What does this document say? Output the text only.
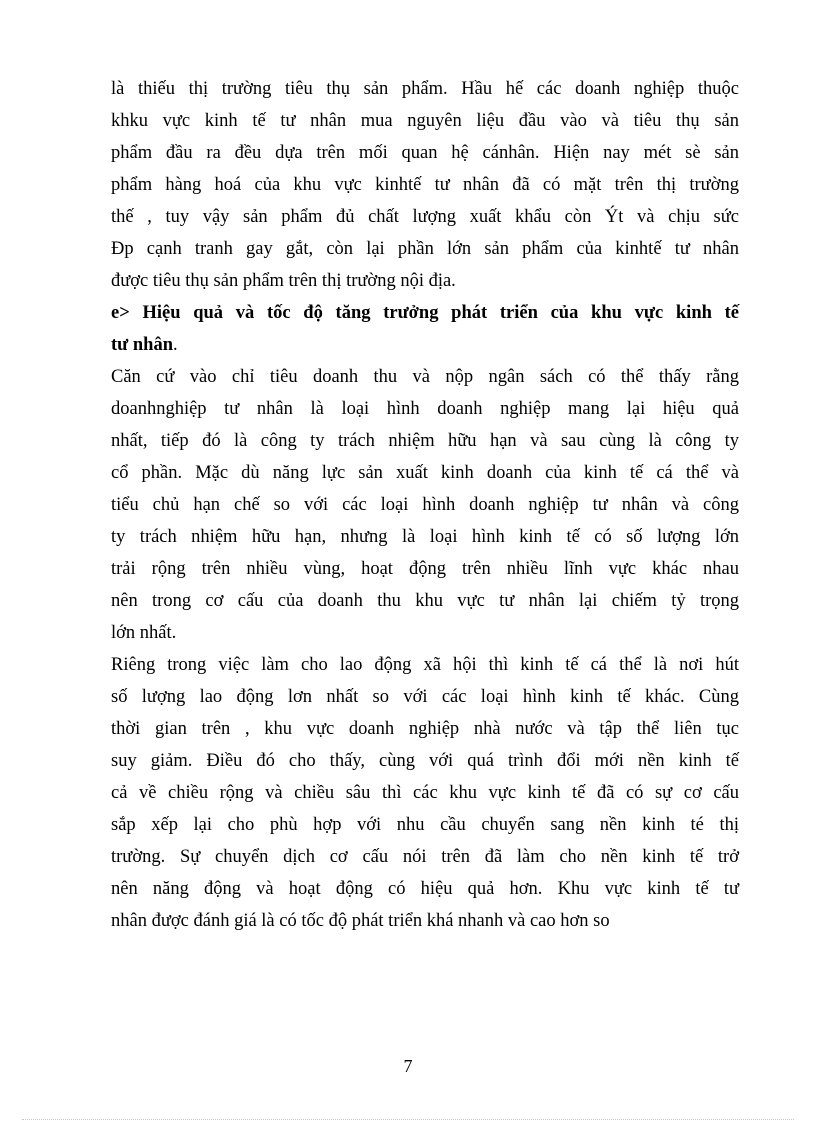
là thiếu thị trường tiêu thụ sản phẩm. Hầu hế các doanh nghiệp thuộc
khku vực kinh tế tư nhân mua nguyên liệu đầu vào và tiêu thụ sản
phẩm đầu ra đều dựa trên mối quan hệ cánhân. Hiện nay mét sè sản
phẩm hàng hoá của khu vực kinhtế tư nhân đã có mặt trên thị trường
thế , tuy vậy sản phẩm đủ chất lượng xuất khẩu còn Ýt và chịu sức
Ðp cạnh tranh gay gắt, còn lại phần lớn sản phẩm của kinhtế tư nhân
được tiêu thụ sản phẩm trên thị trường nội địa.
e> Hiệu quả và tốc độ tăng trưởng phát triển của khu vực kinh tế
tư nhân.
Căn cứ vào chỉ tiêu doanh thu và nộp ngân sách có thể thấy rằng
doanhnghiệp tư nhân là loại hình doanh nghiệp mang lại hiệu quả
nhất, tiếp đó là công ty trách nhiệm hữu hạn và sau cùng là công ty
cổ phần. Mặc dù năng lực sản xuất kinh doanh của kinh tế cá thể và
tiểu chủ hạn chế so với các loại hình doanh nghiệp tư nhân và công
ty trách nhiệm hữu hạn, nhưng là loại hình kinh tế có số lượng lớn
trải rộng trên nhiều vùng, hoạt động trên nhiều lĩnh vực khác nhau
nên trong cơ cấu của doanh thu khu vực tư nhân lại chiếm tỷ trọng
lớn nhất.
Riêng trong việc làm cho lao động xã hội thì kinh tế cá thể là nơi hút
số lượng lao động lơn nhất so với các loại hình kinh tế khác. Cùng
thời gian trên , khu vực doanh nghiệp nhà nước và tập thể liên tục
suy giảm. Điều đó cho thấy, cùng với quá trình đổi mới nền kinh tế
cả về chiều rộng và chiều sâu thì các khu vực kinh tế đã có sự cơ cấu
sắp xếp lại cho phù hợp với nhu cầu chuyển sang nền kinh té thị
trường. Sự chuyển dịch cơ cấu nói trên đã làm cho nền kinh tế trở
nên năng động và hoạt động có hiệu quả hơn. Khu vực kinh tế tư
nhân được đánh giá là có tốc độ phát triển khá nhanh và cao hơn so
7
